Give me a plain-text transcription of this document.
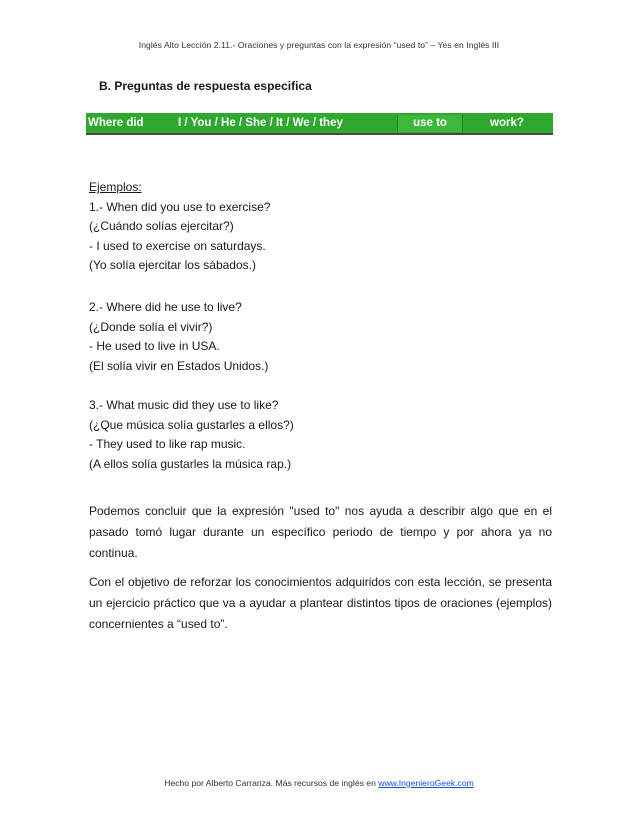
Inglés Alto Lección 2.11.- Oraciones y preguntas con la expresión “used to” – Yes en Inglés III
B. Preguntas de respuesta especifica
Where did	I / You / He / She / It / We / they	use to	work?
Ejemplos:
1.- When did you use to exercise?
(¿Cuándo solías ejercitar?)
- I used to exercise on saturdays.
(Yo solía ejercitar los sábados.)
2.- Where did he use to live?
(¿Donde solía el vivir?)
- He used to live in USA.
(El solía vivir en Estados Unidos.)
3.- What music did they use to like?
(¿Que música solía gustarles a ellos?)
- They used to like rap music.
(A ellos solía gustarles la música rap.)
Podemos concluir que la expresión "used to" nos ayuda a describir algo que en el pasado tomó lugar durante un específico periodo de tiempo y por ahora ya no continua.
Con el objetivo de reforzar los conocimientos adquiridos con esta lección, se presenta un ejercicio práctico que va a ayudar a plantear distintos tipos de oraciones (ejemplos) concernientes a “used to”.
Hecho por Alberto Carranza. Más recursos de inglés en www.IngenieroGeek.com
